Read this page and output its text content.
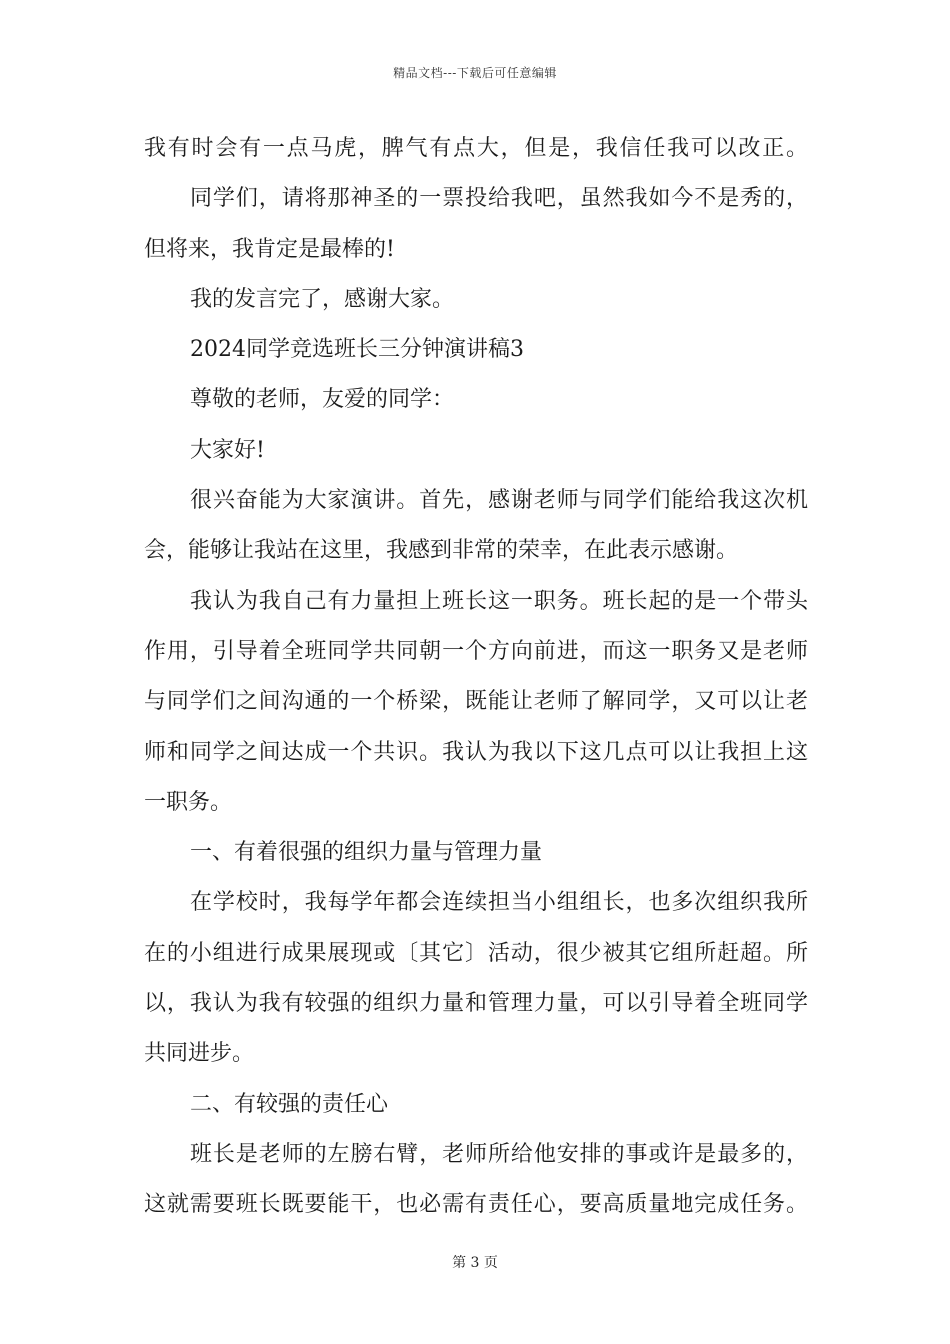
精品文档---下载后可任意编辑
我有时会有一点马虎，脾气有点大，但是，我信任我可以改正。
同学们，请将那神圣的一票投给我吧，虽然我如今不是秀的，
但将来，我肯定是最棒的!
我的发言完了，感谢大家。
2024同学竞选班长三分钟演讲稿3
尊敬的老师，友爱的同学：
大家好!
很兴奋能为大家演讲。首先，感谢老师与同学们能给我这次机
会，能够让我站在这里，我感到非常的荣幸，在此表示感谢。
我认为我自己有力量担上班长这一职务。班长起的是一个带头
作用，引导着全班同学共同朝一个方向前进，而这一职务又是老师
与同学们之间沟通的一个桥梁，既能让老师了解同学，又可以让老
师和同学之间达成一个共识。我认为我以下这几点可以让我担上这
一职务。
一、有着很强的组织力量与管理力量
在学校时，我每学年都会连续担当小组组长，也多次组织我所
在的小组进行成果展现或〔其它〕活动，很少被其它组所赶超。所
以，我认为我有较强的组织力量和管理力量，可以引导着全班同学
共同进步。
二、有较强的责任心
班长是老师的左膀右臂，老师所给他安排的事或许是最多的，
这就需要班长既要能干，也必需有责任心，要高质量地完成任务。
第 3 页
